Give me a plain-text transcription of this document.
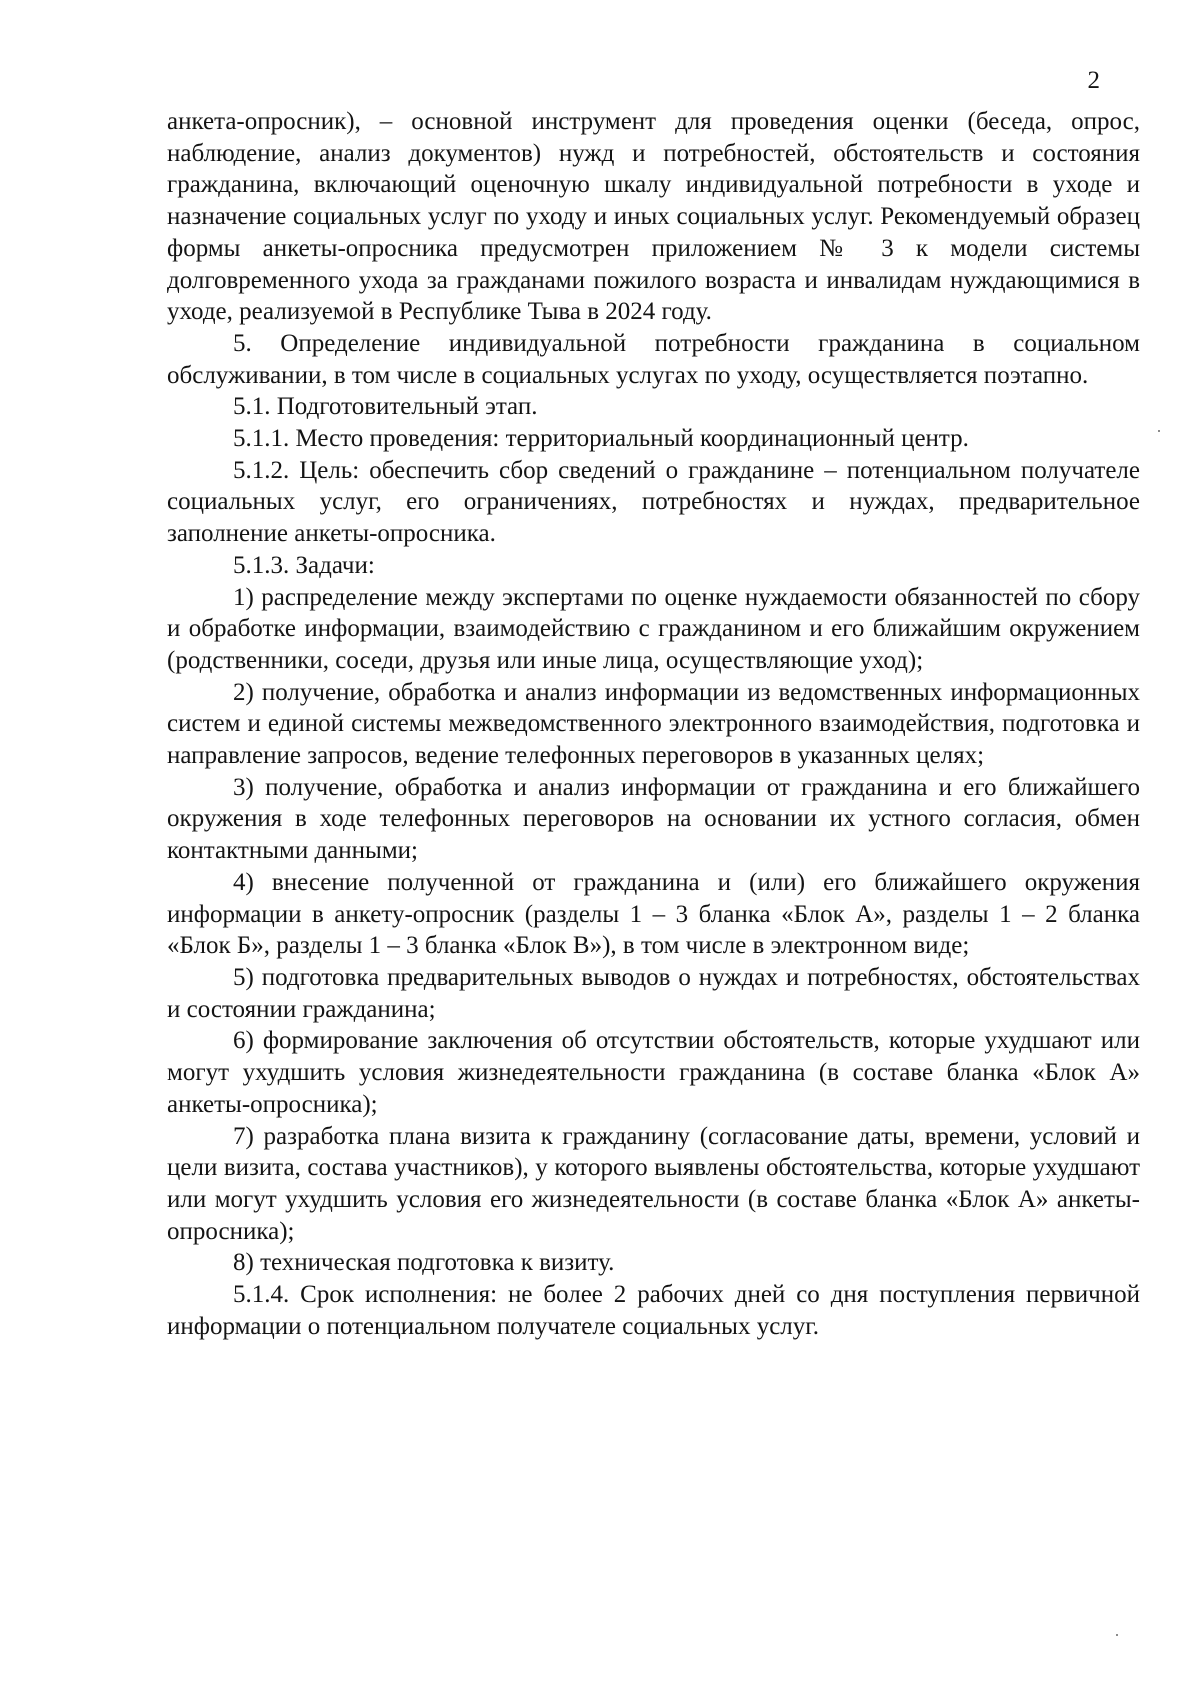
2

анкета-опросник), – основной инструмент для проведения оценки (беседа, опрос, наблюдение, анализ документов) нужд и потребностей, обстоятельств и состояния гражданина, включающий оценочную шкалу индивидуальной потребности в уходе и назначение социальных услуг по уходу и иных социальных услуг. Рекомендуемый образец формы анкеты-опросника предусмотрен приложением № 3 к модели системы долговременного ухода за гражданами пожилого возраста и инвалидам нуждающимися в уходе, реализуемой в Республике Тыва в 2024 году.

5. Определение индивидуальной потребности гражданина в социальном обслуживании, в том числе в социальных услугах по уходу, осуществляется поэтапно.

5.1. Подготовительный этап.

5.1.1. Место проведения: территориальный координационный центр.

5.1.2. Цель: обеспечить сбор сведений о гражданине – потенциальном получателе социальных услуг, его ограничениях, потребностях и нуждах, предварительное заполнение анкеты-опросника.

5.1.3. Задачи:

1) распределение между экспертами по оценке нуждаемости обязанностей по сбору и обработке информации, взаимодействию с гражданином и его ближайшим окружением (родственники, соседи, друзья или иные лица, осуществляющие уход);

2) получение, обработка и анализ информации из ведомственных информационных систем и единой системы межведомственного электронного взаимодействия, подготовка и направление запросов, ведение телефонных переговоров в указанных целях;

3) получение, обработка и анализ информации от гражданина и его ближайшего окружения в ходе телефонных переговоров на основании их устного согласия, обмен контактными данными;

4) внесение полученной от гражданина и (или) его ближайшего окружения информации в анкету-опросник (разделы 1 – 3 бланка «Блок А», разделы 1 – 2 бланка «Блок Б», разделы 1 – 3 бланка «Блок В»), в том числе в электронном виде;

5) подготовка предварительных выводов о нуждах и потребностях, обстоятельствах и состоянии гражданина;

6) формирование заключения об отсутствии обстоятельств, которые ухудшают или могут ухудшить условия жизнедеятельности гражданина (в составе бланка «Блок А» анкеты-опросника);

7) разработка плана визита к гражданину (согласование даты, времени, условий и цели визита, состава участников), у которого выявлены обстоятельства, которые ухудшают или могут ухудшить условия его жизнедеятельности (в составе бланка «Блок А» анкеты-опросника);

8) техническая подготовка к визиту.

5.1.4. Срок исполнения: не более 2 рабочих дней со дня поступления первичной информации о потенциальном получателе социальных услуг.
